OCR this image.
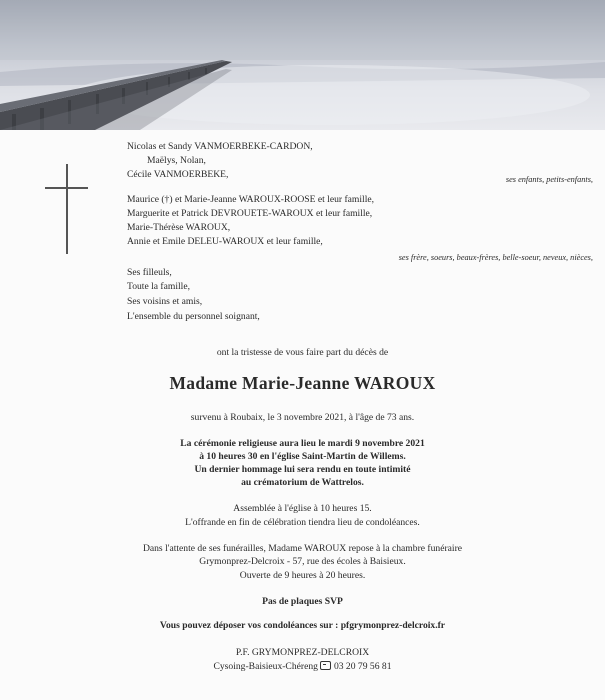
Nicolas et Sandy VANMOERBEKE-CARDON,
Maëlys, Nolan,
Cécile VANMOERBEKE,	ses enfants, petits-enfants,
Maurice (†) et Marie-Jeanne WAROUX-ROOSE et leur famille,
Marguerite et Patrick DEVROUETE-WAROUX et leur famille,
Marie-Thérèse WAROUX,
Annie et Emile DELEU-WAROUX et leur famille,
ses frère, soeurs, beaux-frères, belle-soeur, neveux, nièces,
Ses filleuls,
Toute la famille,
Ses voisins et amis,
L'ensemble du personnel soignant,
ont la tristesse de vous faire part du décès de
Madame Marie-Jeanne WAROUX
survenu à Roubaix, le 3 novembre 2021, à l'âge de 73 ans.
La cérémonie religieuse aura lieu le mardi 9 novembre 2021
à 10 heures 30 en l'église Saint-Martin de Willems.
Un dernier hommage lui sera rendu en toute intimité
au crématorium de Wattrelos.
Assemblée à l'église à 10 heures 15.
L'offrande en fin de célébration tiendra lieu de condoléances.
Dans l'attente de ses funérailles, Madame WAROUX repose à la chambre funéraire
Grymonprez-Delcroix - 57, rue des écoles à Baisieux.
Ouverte de 9 heures à 20 heures.
Pas de plaques SVP
Vous pouvez déposer vos condoléances sur : pfgrymonprez-delcroix.fr
P.F. GRYMONPREZ-DELCROIX
Cysoing-Baisieux-Chéreng 03 20 79 56 81
